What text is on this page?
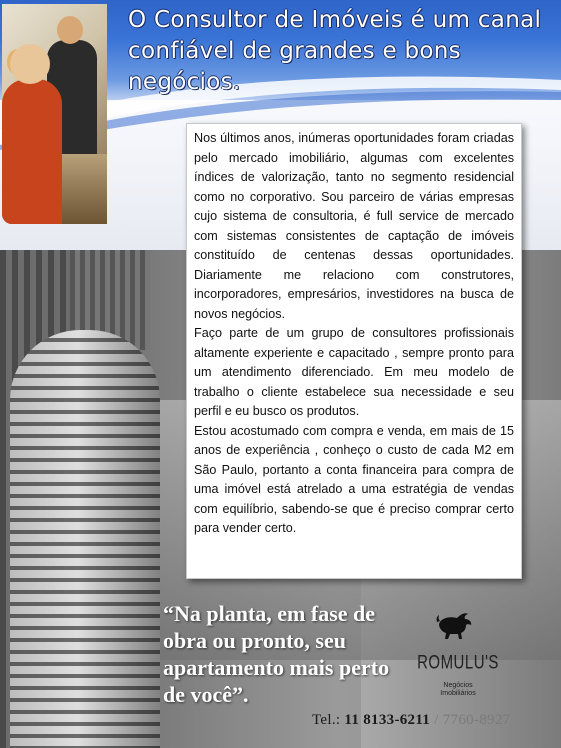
O Consultor de Imóveis é um canal confiável de grandes e bons negócios.

Nos últimos anos, inúmeras oportunidades foram criadas pelo mercado imobiliário, algumas com excelentes índices de valorização, tanto no segmento residencial como no corporativo. Sou parceiro de várias empresas cujo sistema de consultoria, é full service de mercado com sistemas consistentes de captação de imóveis constituído de centenas dessas oportunidades. Diariamente me relaciono com construtores, incorporadores, empresários, investidores na busca de novos negócios.

Faço parte de um grupo de consultores profissionais altamente experiente e capacitado , sempre pronto para um atendimento diferenciado. Em meu modelo de trabalho o cliente estabelece sua necessidade e seu perfil e eu busco os produtos.

Estou acostumado com compra e venda, em mais de 15 anos de experiência , conheço o custo de cada M2 em São Paulo, portanto a conta financeira para compra de uma imóvel está atrelado a uma estratégia de vendas com equilíbrio, sabendo-se que é preciso comprar certo para vender certo.

“Na planta, em fase de obra ou pronto, seu apartamento mais perto de você”.
ROMULU'S
Negócios
Imobiliários
Tel.: 11 8133-6211 / 7760-8927
